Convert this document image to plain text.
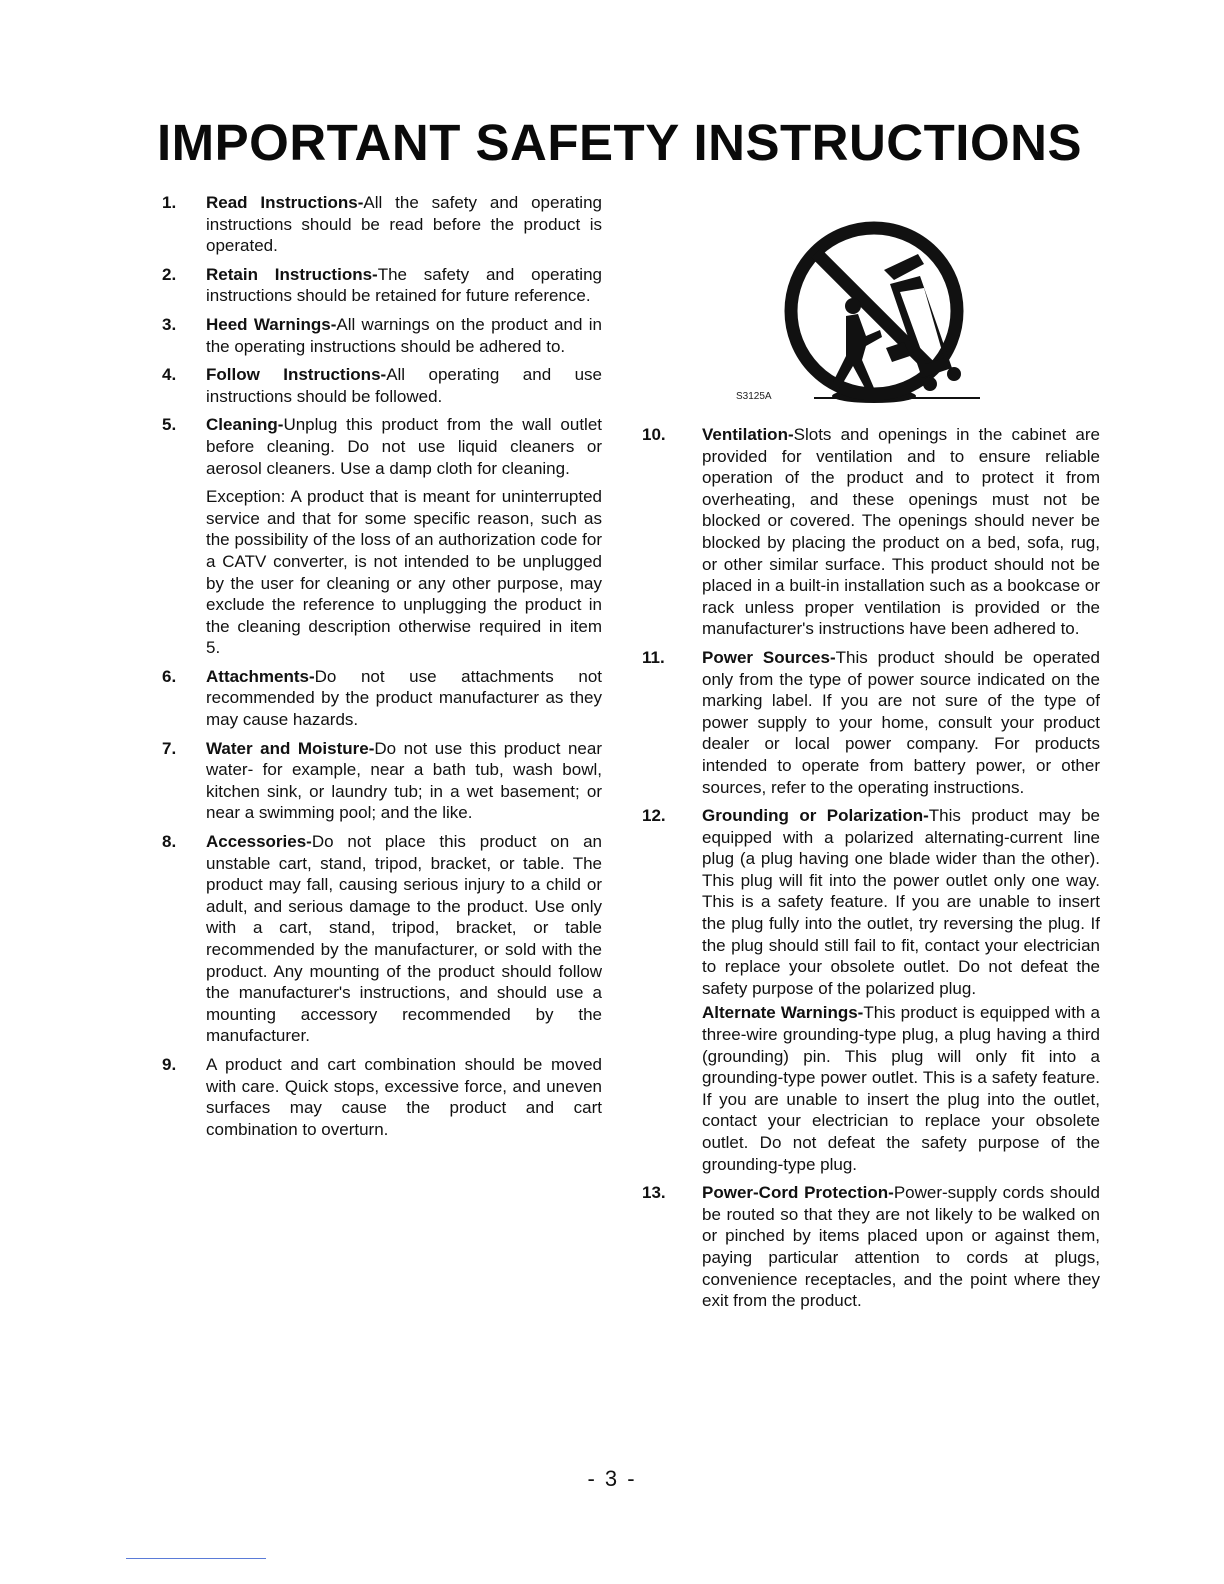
IMPORTANT SAFETY INSTRUCTIONS
1.	Read Instructions-All the safety and operating instructions should be read before the product is operated.
2.	Retain Instructions-The safety and operating instructions should be retained for future reference.
3.	Heed Warnings-All warnings on the product and in the operating instructions should be adhered to.
4.	Follow Instructions-All operating and use instructions should be followed.
5.	Cleaning-Unplug this product from the wall outlet before cleaning. Do not use liquid cleaners or aerosol cleaners. Use a damp cloth for cleaning.
Exception: A product that is meant for uninterrupted service and that for some specific reason, such as the possibility of the loss of an authorization code for a CATV converter, is not intended to be unplugged by the user for cleaning or any other purpose, may exclude the reference to unplugging the product in the cleaning description otherwise required in item 5.
6.	Attachments-Do not use attachments not recommended by the product manufacturer as they may cause hazards.
7.	Water and Moisture-Do not use this product near water- for example, near a bath tub, wash bowl, kitchen sink, or laundry tub; in a wet basement; or near a swimming pool; and the like.
8.	Accessories-Do not place this product on an unstable cart, stand, tripod, bracket, or table. The product may fall, causing serious injury to a child or adult, and serious damage to the product. Use only with a cart, stand, tripod, bracket, or table recommended by the manufacturer, or sold with the product. Any mounting of the product should follow the manufacturer's instructions, and should use a mounting accessory recommended by the manufacturer.
9.	A product and cart combination should be moved with care. Quick stops, excessive force, and uneven surfaces may cause the product and cart combination to overturn.
S3125A
10.	Ventilation-Slots and openings in the cabinet are provided for ventilation and to ensure reliable operation of the product and to protect it from overheating, and these openings must not be blocked or covered. The openings should never be blocked by placing the product on a bed, sofa, rug, or other similar surface. This product should not be placed in a built-in installation such as a bookcase or rack unless proper ventilation is provided or the manufacturer's instructions have been adhered to.
11.	Power Sources-This product should be operated only from the type of power source indicated on the marking label. If you are not sure of the type of power supply to your home, consult your product dealer or local power company. For products intended to operate from battery power, or other sources, refer to the operating instructions.
12.	Grounding or Polarization-This product may be equipped with a polarized alternating-current line plug (a plug having one blade wider than the other). This plug will fit into the power outlet only one way. This is a safety feature. If you are unable to insert the plug fully into the outlet, try reversing the plug. If the plug should still fail to fit, contact your electrician to replace your obsolete outlet. Do not defeat the safety purpose of the polarized plug.
Alternate Warnings-This product is equipped with a three-wire grounding-type plug, a plug having a third (grounding) pin. This plug will only fit into a grounding-type power outlet. This is a safety feature. If you are unable to insert the plug into the outlet, contact your electrician to replace your obsolete outlet. Do not defeat the safety purpose of the grounding-type plug.
13.	Power-Cord Protection-Power-supply cords should be routed so that they are not likely to be walked on or pinched by items placed upon or against them, paying particular attention to cords at plugs, convenience receptacles, and the point where they exit from the product.
- 3 -
